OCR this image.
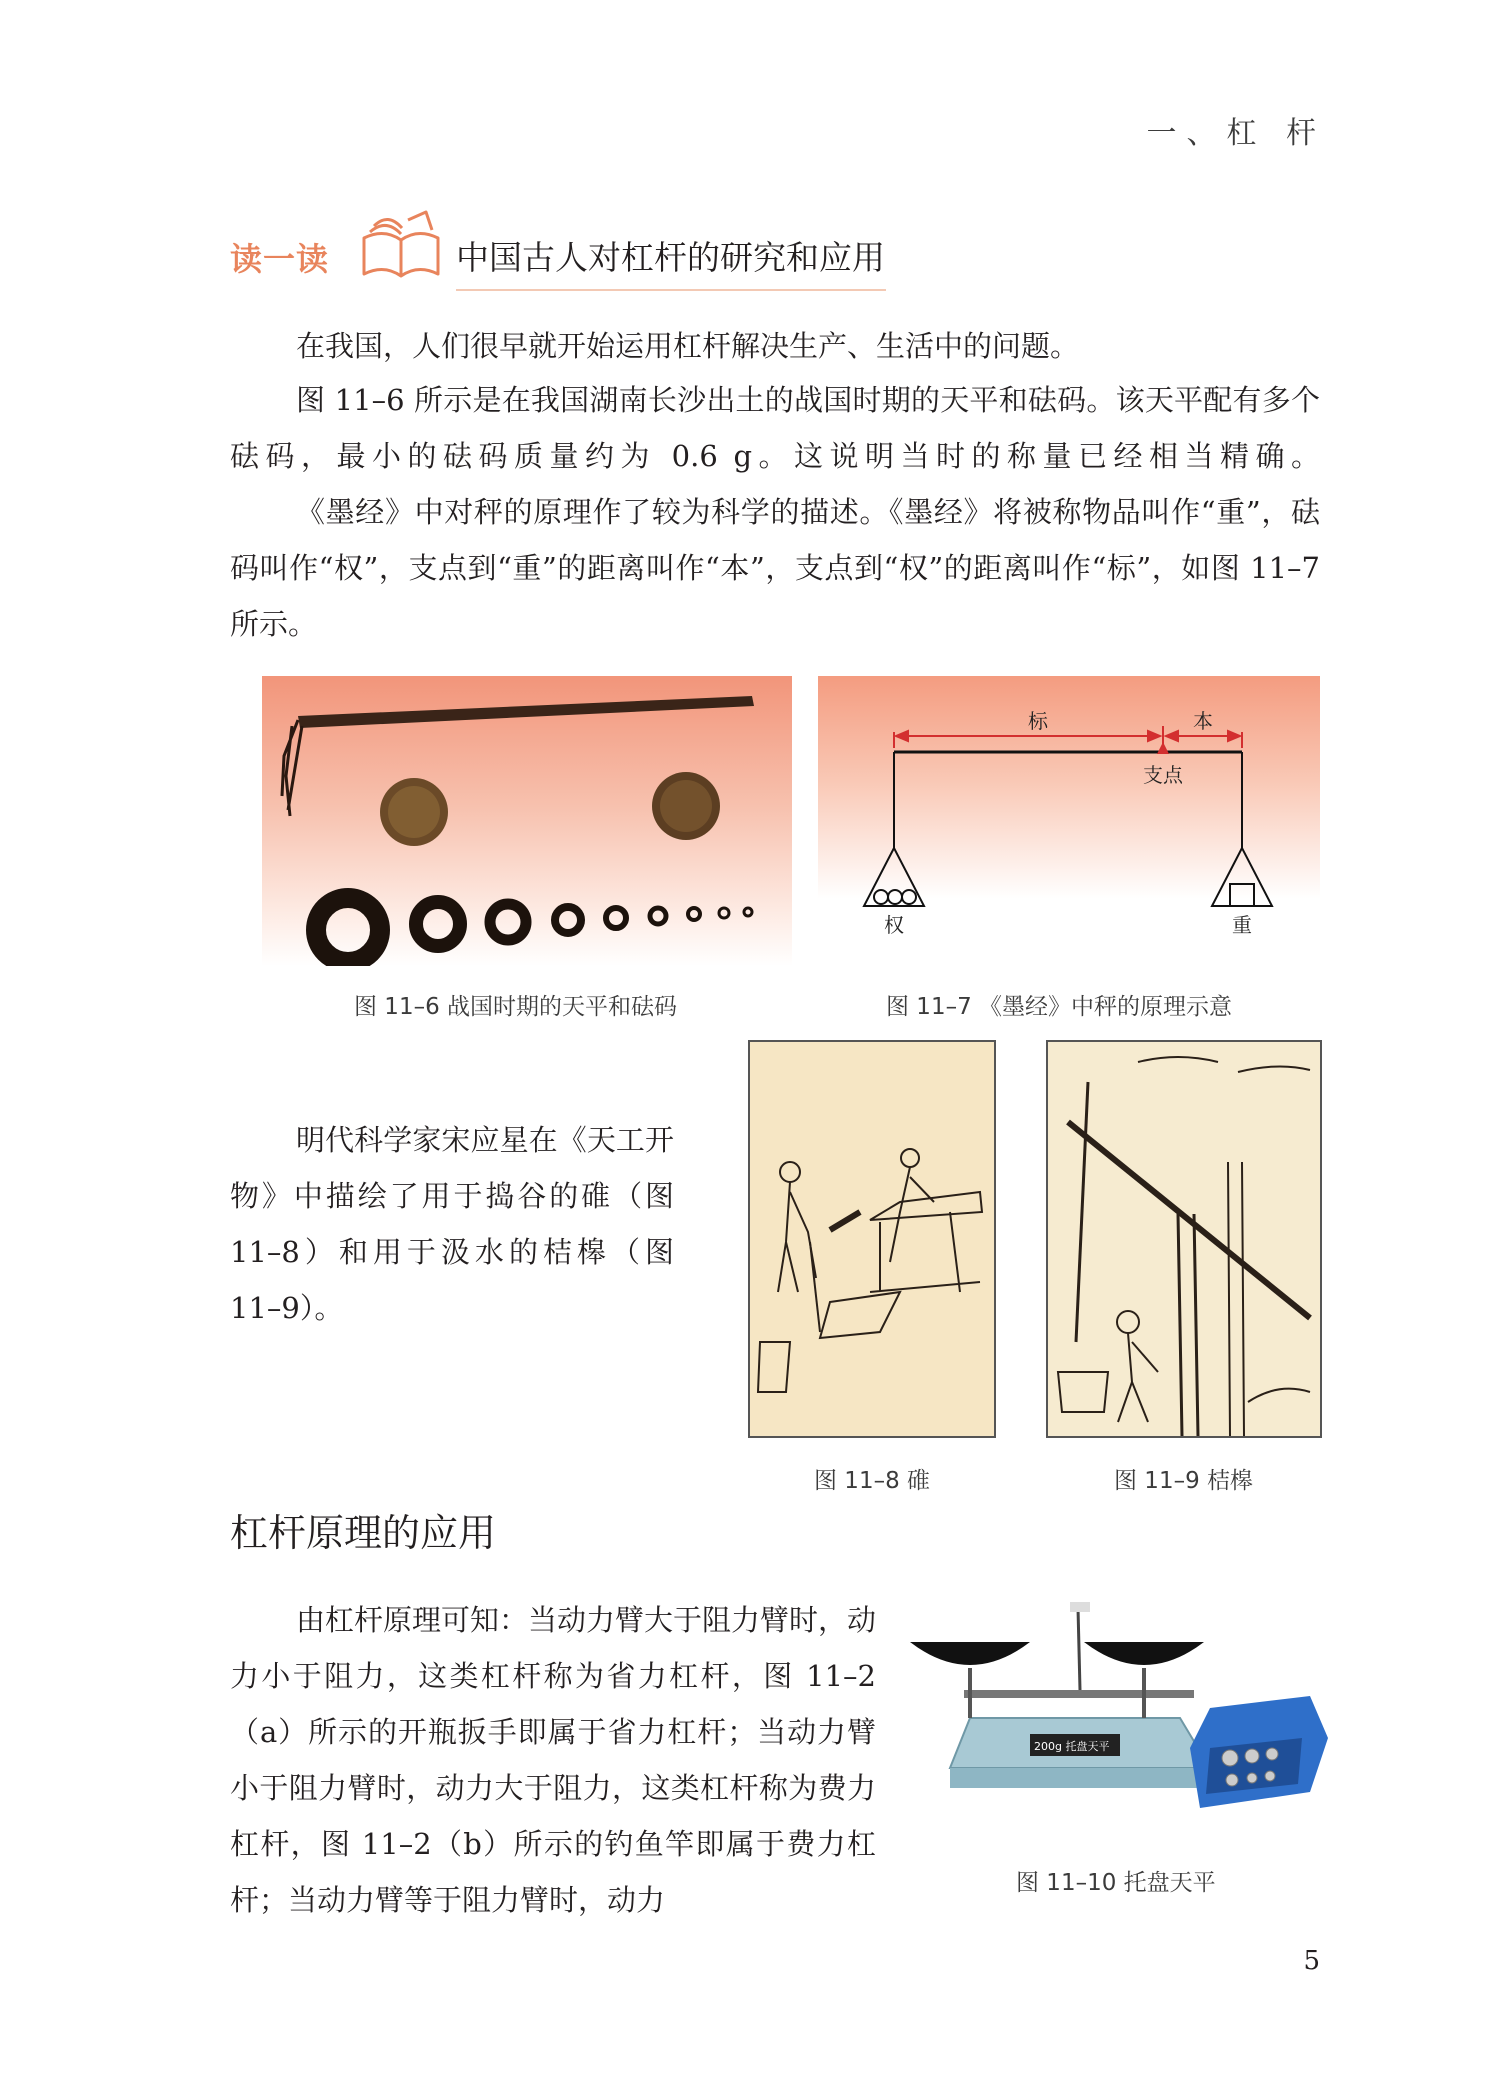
一、杠 杆
读一读	中国古人对杠杆的研究和应用
在我国，人们很早就开始运用杠杆解决生产、生活中的问题。
图 11–6 所示是在我国湖南长沙出土的战国时期的天平和砝码。该天平配有多个砝码，最小的砝码质量约为 0.6 g。这说明当时的称量已经相当精确。
《墨经》中对秤的原理作了较为科学的描述。《墨经》将被称物品叫作“重”，砝码叫作“权”，支点到“重”的距离叫作“本”，支点到“权”的距离叫作“标”，如图 11–7 所示。
图 11–6 战国时期的天平和砝码
标	本
支点
权	重
图 11–7 《墨经》中秤的原理示意
明代科学家宋应星在《天工开物》中描绘了用于捣谷的碓（图 11–8）和用于汲水的桔槔（图 11–9）。
图 11–8 碓	图 11–9 桔槔
杠杆原理的应用
由杠杆原理可知：当动力臂大于阻力臂时，动力小于阻力，这类杠杆称为省力杠杆，图 11–2（a）所示的开瓶扳手即属于省力杠杆；当动力臂小于阻力臂时，动力大于阻力，这类杠杆称为费力杠杆，图 11–2（b）所示的钓鱼竿即属于费力杠杆；当动力臂等于阻力臂时，动力
200g 托盘天平
图 11–10 托盘天平
5
